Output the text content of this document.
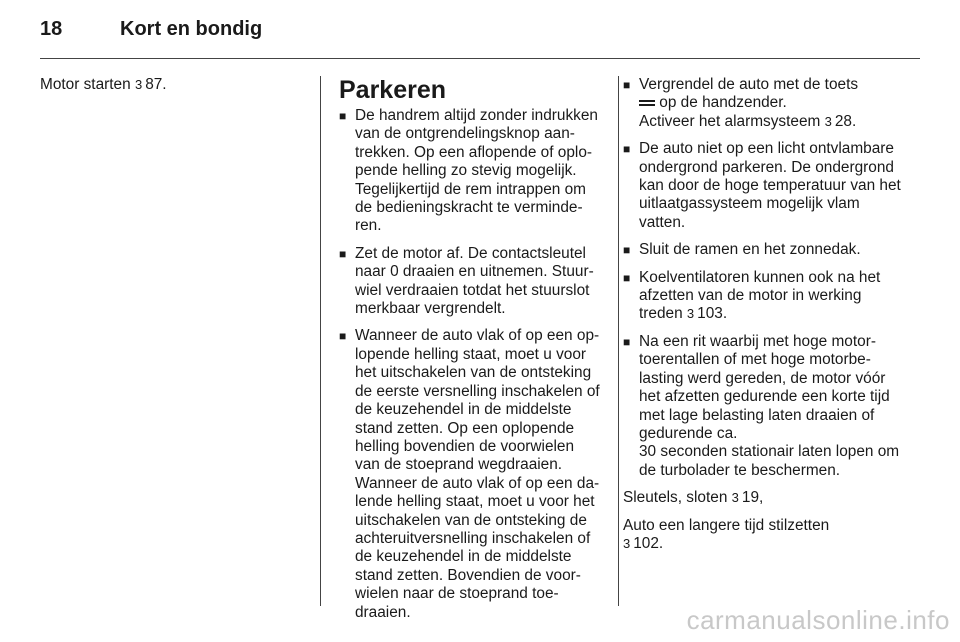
18	Kort en bondig

Motor starten 3 87.	Parkeren
■ De handrem altijd zonder indrukken van de ontgrendelingsknop aantrekken. Op een aflopende of oplopende helling zo stevig mogelijk. Tegelijkertijd de rem intrappen om de bedieningskracht te verminderen.
■ Zet de motor af. De contactsleutel naar 0 draaien en uitnemen. Stuurwiel verdraaien totdat het stuurslot merkbaar vergrendelt.
■ Wanneer de auto vlak of op een oplopende helling staat, moet u voor het uitschakelen van de ontsteking de eerste versnelling inschakelen of de keuzehendel in de middelste stand zetten. Op een oplopende helling bovendien de voorwielen van de stoeprand wegdraaien.

Wanneer de auto vlak of op een dalende helling staat, moet u voor het uitschakelen van de ontsteking de achteruitversnelling inschakelen of de keuzehendel in de middelste stand zetten. Bovendien de voorwielen naar de stoeprand toedraaien.

■ Vergrendel de auto met de toets
op de handzender.

Activeer het alarmsysteem 3 28.

■ De auto niet op een licht ontvlambare ondergrond parkeren. De ondergrond kan door de hoge temperatuur van het uitlaatgassysteem mogelijk vlam vatten.
■ Sluit de ramen en het zonnedak.
■ Koelventilatoren kunnen ook na het afzetten van de motor in werking treden 3 103.
■ Na een rit waarbij met hoge motortoerentallen of met hoge motorbelasting werd gereden, de motor vóór het afzetten gedurende een korte tijd met lage belasting laten draaien of gedurende ca.
30 seconden stationair laten lopen om de turbolader te beschermen.

Sleutels, sloten 3 19,

Auto een langere tijd stilzetten
3 102.

carmanualsonline.info
